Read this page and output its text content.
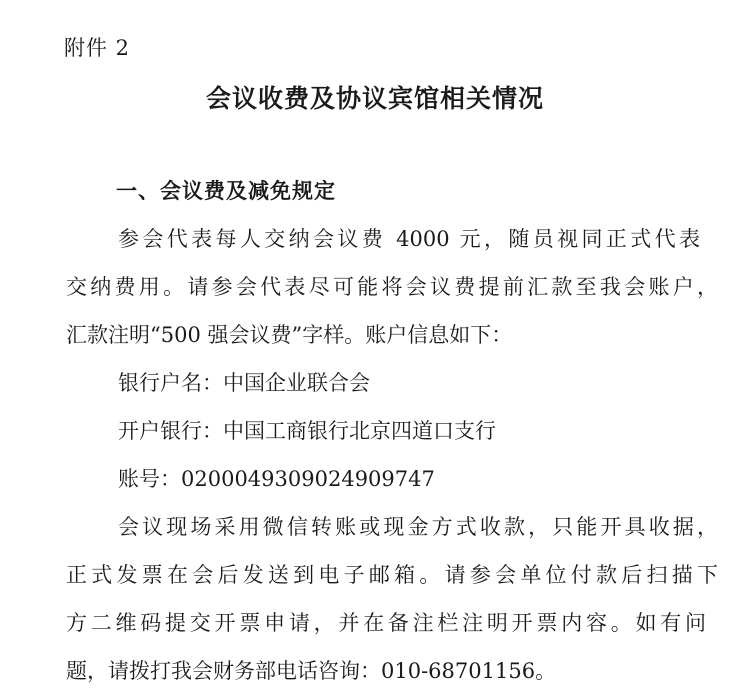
附件 2
会议收费及协议宾馆相关情况
一、会议费及减免规定
参会代表每人交纳会议费 4000 元，随员视同正式代表
交纳费用。请参会代表尽可能将会议费提前汇款至我会账户，
汇款注明“500 强会议费”字样。账户信息如下：
银行户名：中国企业联合会
开户银行：中国工商银行北京四道口支行
账号：0200049309024909747
会议现场采用微信转账或现金方式收款，只能开具收据，
正式发票在会后发送到电子邮箱。请参会单位付款后扫描下
方二维码提交开票申请，并在备注栏注明开票内容。如有问
题，请拨打我会财务部电话咨询：010-68701156。
